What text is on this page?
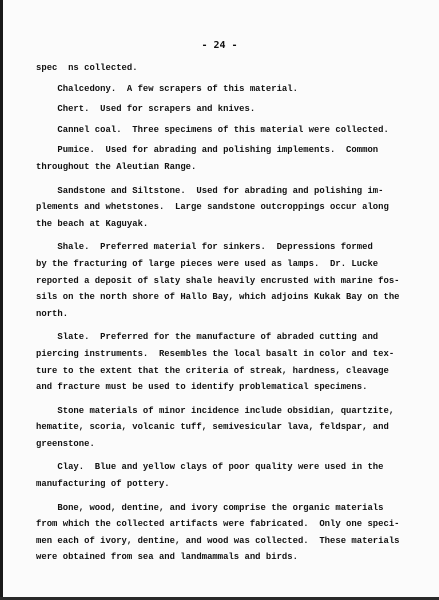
- 24 -
spec  ns collected.
Chalcedony.  A few scrapers of this material.
Chert.  Used for scrapers and knives.
Cannel coal.  Three specimens of this material were collected.
Pumice.  Used for abrading and polishing implements.  Common
throughout the Aleutian Range.
Sandstone and Siltstone.  Used for abrading and polishing im-
plements and whetstones.  Large sandstone outcroppings occur along
the beach at Kaguyak.
Shale.  Preferred material for sinkers.  Depressions formed
by the fracturing of large pieces were used as lamps.  Dr. Lucke
reported a deposit of slaty shale heavily encrusted with marine fos-
sils on the north shore of Hallo Bay, which adjoins Kukak Bay on the
north.
Slate.  Preferred for the manufacture of abraded cutting and
piercing instruments.  Resembles the local basalt in color and tex-
ture to the extent that the criteria of streak, hardness, cleavage
and fracture must be used to identify problematical specimens.
Stone materials of minor incidence include obsidian, quartzite,
hematite, scoria, volcanic tuff, semivesicular lava, feldspar, and
greenstone.
Clay.  Blue and yellow clays of poor quality were used in the
manufacturing of pottery.
Bone, wood, dentine, and ivory comprise the organic materials
from which the collected artifacts were fabricated.  Only one speci-
men each of ivory, dentine, and wood was collected.  These materials
were obtained from sea and landmammals and birds.
